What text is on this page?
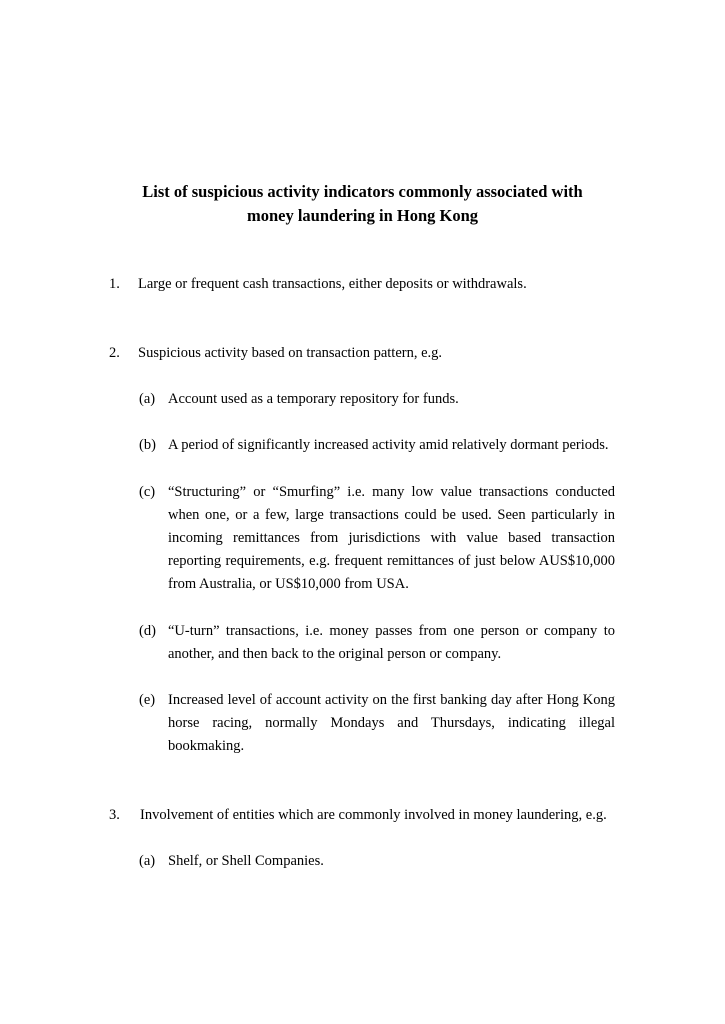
List of suspicious activity indicators commonly associated with
money laundering in Hong Kong
1. Large or frequent cash transactions, either deposits or withdrawals.
2. Suspicious activity based on transaction pattern, e.g.
(a) Account used as a temporary repository for funds.
(b) A period of significantly increased activity amid relatively dormant periods.
(c) “Structuring” or “Smurfing” i.e. many low value transactions conducted
when one, or a few, large transactions could be used. Seen particularly in
incoming remittances from jurisdictions with value based transaction
reporting requirements, e.g. frequent remittances of just below AUS$10,000
from Australia, or US$10,000 from USA.
(d) “U-turn” transactions, i.e. money passes from one person or company to
another, and then back to the original person or company.
(e) Increased level of account activity on the first banking day after Hong Kong
horse racing, normally Mondays and Thursdays, indicating illegal
bookmaking.
3. Involvement of entities which are commonly involved in money laundering, e.g.
(a) Shelf, or Shell Companies.
